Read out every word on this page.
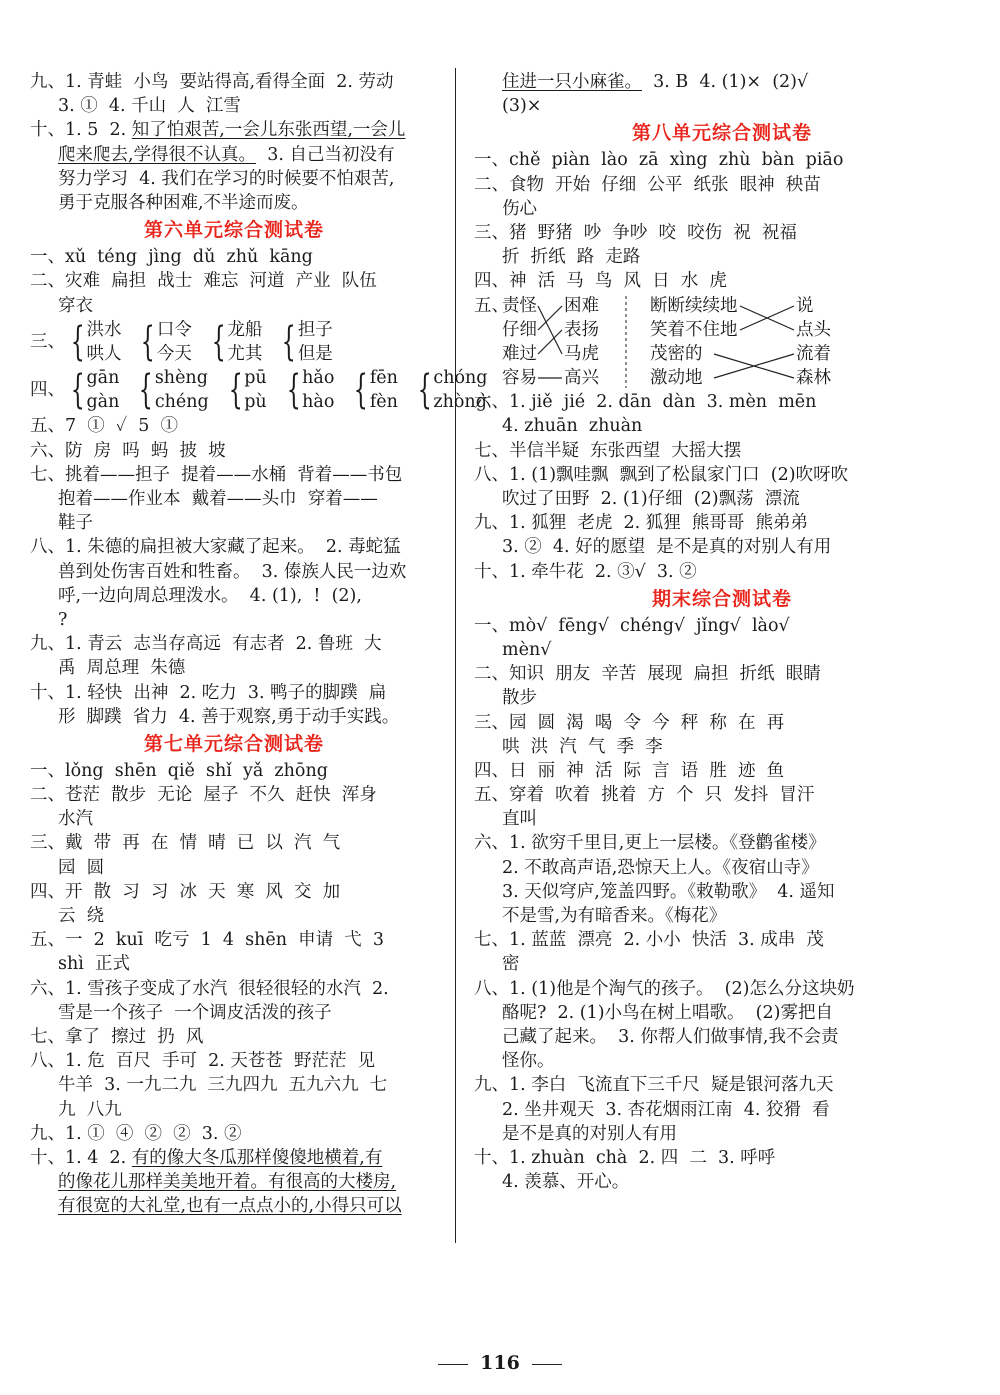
九、1. 青蛙  小鸟  要站得高,看得全面  2. 劳动
3. ①  4. 千山  人  江雪
十、1. 5  2. 知了怕艰苦,一会儿东张西望,一会儿
爬来爬去,学得很不认真。  3. 自己当初没有
努力学习  4. 我们在学习的时候要不怕艰苦,
勇于克服各种困难,不半途而废。
第六单元综合测试卷
一、xǔ  téng  jìng  dǔ  zhǔ  kāng
二、灾难  扁担  战士  难忘  河道  产业  队伍
穿衣
三、 { 洪水
哄人 { 口令
今天 { 龙船
尤其 { 担子
但是
四、 { gān
gàn { shèng
chéng { pū
pù { hǎo
hào { fēn
fèn { chóng
zhòng
五、7  ①  ✓  5  ①
六、防  房  吗  蚂  披  坡
七、挑着——担子  提着——水桶  背着——书包
抱着——作业本  戴着——头巾  穿着——
鞋子
八、1. 朱德的扁担被大家藏了起来。  2. 毒蛇猛
兽到处伤害百姓和牲畜。  3. 傣族人民一边欢
呼,一边向周总理泼水。  4. (1),  !  (2),
?
九、1. 青云  志当存高远  有志者  2. 鲁班  大
禹  周总理  朱德
十、1. 轻快  出神  2. 吃力  3. 鸭子的脚蹼  扁
形  脚蹼  省力  4. 善于观察,勇于动手实践。
第七单元综合测试卷
一、lǒng  shēn  qiě  shǐ  yǎ  zhōng
二、苍茫  散步  无论  屋子  不久  赶快  浑身
水汽
三、戴  带  再  在  情  晴  已  以  汽  气
园  圆
四、开  散  习  习  冰  天  寒  风  交  加
云  绕
五、一  2  kuī  吃亏  1  4  shēn  申请  弋  3
shì  正式
六、1. 雪孩子变成了水汽  很轻很轻的水汽  2.
雪是一个孩子  一个调皮活泼的孩子
七、拿了  擦过  扔  风
八、1. 危  百尺  手可  2. 天苍苍  野茫茫  见
牛羊  3. 一九二九  三九四九  五九六九  七
九  八九
九、1. ①  ④  ②  ②  3. ②
十、1. 4  2. 有的像大冬瓜那样傻傻地横着,有
的像花儿那样美美地开着。有很高的大楼房,
有很宽的大礼堂,也有一点点小的,小得只可以
住进一只小麻雀。  3. B  4. (1)×  (2)√
(3)×
第八单元综合测试卷
一、chě  piàn  lào  zā  xìng  zhù  bàn  piāo
二、食物  开始  仔细  公平  纸张  眼神  秧苗
伤心
三、猪  野猪  吵  争吵  咬  咬伤  祝  祝福
折  折纸  路  走路
四、神  活  马  鸟  风  日  水  虎
五、
责怪
仔细
难过
容易
困难
表扬
马虎
高兴
断断续续地
笑着不住地
茂密的
激动地
说
点头
流着
森林
六、1. jiě  jié  2. dān  dàn  3. mèn  mēn
4. zhuān  zhuàn
七、半信半疑  东张西望  大摇大摆
八、1. (1)飘哇飘  飘到了松鼠家门口  (2)吹呀吹
吹过了田野  2. (1)仔细  (2)飘荡  漂流
九、1. 狐狸  老虎  2. 狐狸  熊哥哥  熊弟弟
3. ②  4. 好的愿望  是不是真的对别人有用
十、1. 牵牛花  2. ③√  3. ②
期末综合测试卷
一、mò√  fēng√  chéng√  jǐng√  lào√
mèn√
二、知识  朋友  辛苦  展现  扁担  折纸  眼睛
散步
三、园  圆  渴  喝  令  今  秤  称  在  再
哄  洪  汽  气  季  李
四、日  丽  神  活  际  言  语  胜  迹  鱼
五、穿着  吹着  挑着  方  个  只  发抖  冒汗
直叫
六、1. 欲穷千里目,更上一层楼。《登鹳雀楼》
2. 不敢高声语,恐惊天上人。《夜宿山寺》
3. 天似穹庐,笼盖四野。《敕勒歌》  4. 遥知
不是雪,为有暗香来。《梅花》
七、1. 蓝蓝  漂亮  2. 小小  快活  3. 成串  茂
密
八、1. (1)他是个淘气的孩子。  (2)怎么分这块奶
酪呢?  2. (1)小鸟在树上唱歌。  (2)雾把自
己藏了起来。  3. 你帮人们做事情,我不会责
怪你。
九、1. 李白  飞流直下三千尺  疑是银河落九天
2. 坐井观天  3. 杏花烟雨江南  4. 狡猾  看
是不是真的对别人有用
十、1. zhuàn  chà  2. 四  二  3. 呼呼
4. 羡慕、开心。
116
